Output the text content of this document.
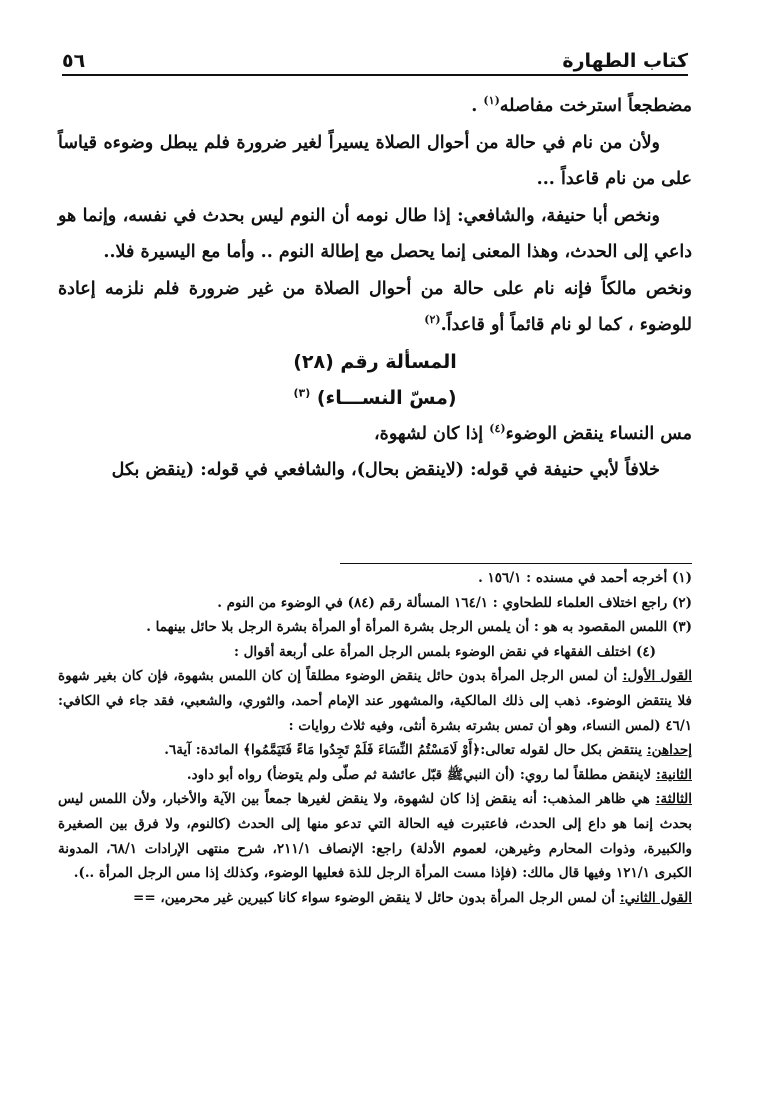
كتاب الطهارة
٥٦

مضطجعاً استرخت مفاصله$^{(١)}$ .

ولأن من نام في حالة من أحوال الصلاة يسيراً لغير ضرورة فلم يبطل وضوءه قياساً على من نام قاعداً ...

ونخص أبا حنيفة، والشافعي: إذا طال نومه أن النوم ليس بحدث في نفسه، وإنما هو داعي إلى الحدث، وهذا المعنى إنما يحصل مع إطالة النوم .. وأما مع اليسيرة فلا..

ونخص مالكاً فإنه نام على حالة من أحوال الصلاة من غير ضرورة فلم نلزمه إعادة للوضوء ، كما لو نام قائماً أو قاعداً.$^{(٢)}$

المسألة رقم (٢٨)
(مسّ النســـاء) $^{(٣)}$

مس النساء ينقض الوضوء$^{(٤)}$ إذا كان لشهوة،

خلافاً لأبي حنيفة في قوله: (لاينقض بحال)، والشافعي في قوله: (ينقض بكل

(١) أخرجه أحمد في مسنده : ١٥٦/١ .

(٢) راجع اختلاف العلماء للطحاوي : ١٦٤/١ المسألة رقم (٨٤) في الوضوء من النوم .

(٣) اللمس المقصود به هو : أن يلمس الرجل بشرة المرأة أو المرأة بشرة الرجل بلا حائل بينهما .

(٤) اختلف الفقهاء في نقض الوضوء بلمس الرجل المرأة على أربعة أقوال :

القول الأول: أن لمس الرجل المرأة بدون حائل ينقض الوضوء مطلقاً إن كان اللمس بشهوة، فإن كان بغير شهوة فلا ينتقض الوضوء. ذهب إلى ذلك المالكية، والمشهور عند الإمام أحمد، والثوري، والشعبي، فقد جاء في الكافي: ٤٦/١ (لمس النساء، وهو أن تمس بشرته بشرة أنثى، وفيه ثلاث روايات :

إحداهن: ينتقض بكل حال لقوله تعالى:﴿أَوْ لَامَسْتُمُ النِّسَاءَ فَلَمْ تَجِدُوا مَاءً فَتَيَمَّمُوا﴾ المائدة: آية٦.

الثانية: لاينقض مطلقاً لما روي: (أن النبيﷺ قبّل عائشة ثم صلّى ولم يتوضأ) رواه أبو داود.

الثالثة: هي ظاهر المذهب: أنه ينقض إذا كان لشهوة، ولا ينقض لغيرها جمعاً بين الآية والأخبار، ولأن اللمس ليس بحدث إنما هو داع إلى الحدث، فاعتبرت فيه الحالة التي تدعو منها إلى الحدث (كالنوم، ولا فرق بين الصغيرة والكبيرة، وذوات المحارم وغيرهن، لعموم الأدلة) راجع: الإنصاف ٢١١/١، شرح منتهى الإرادات ٦٨/١، المدونة الكبرى ١٢١/١ وفيها قال مالك: (فإذا مست المرأة الرجل للذة فعليها الوضوء، وكذلك إذا مس الرجل المرأة ..).

القول الثاني: أن لمس الرجل المرأة بدون حائل لا ينقض الوضوء سواء كانا كبيرين غير محرمين، ==
